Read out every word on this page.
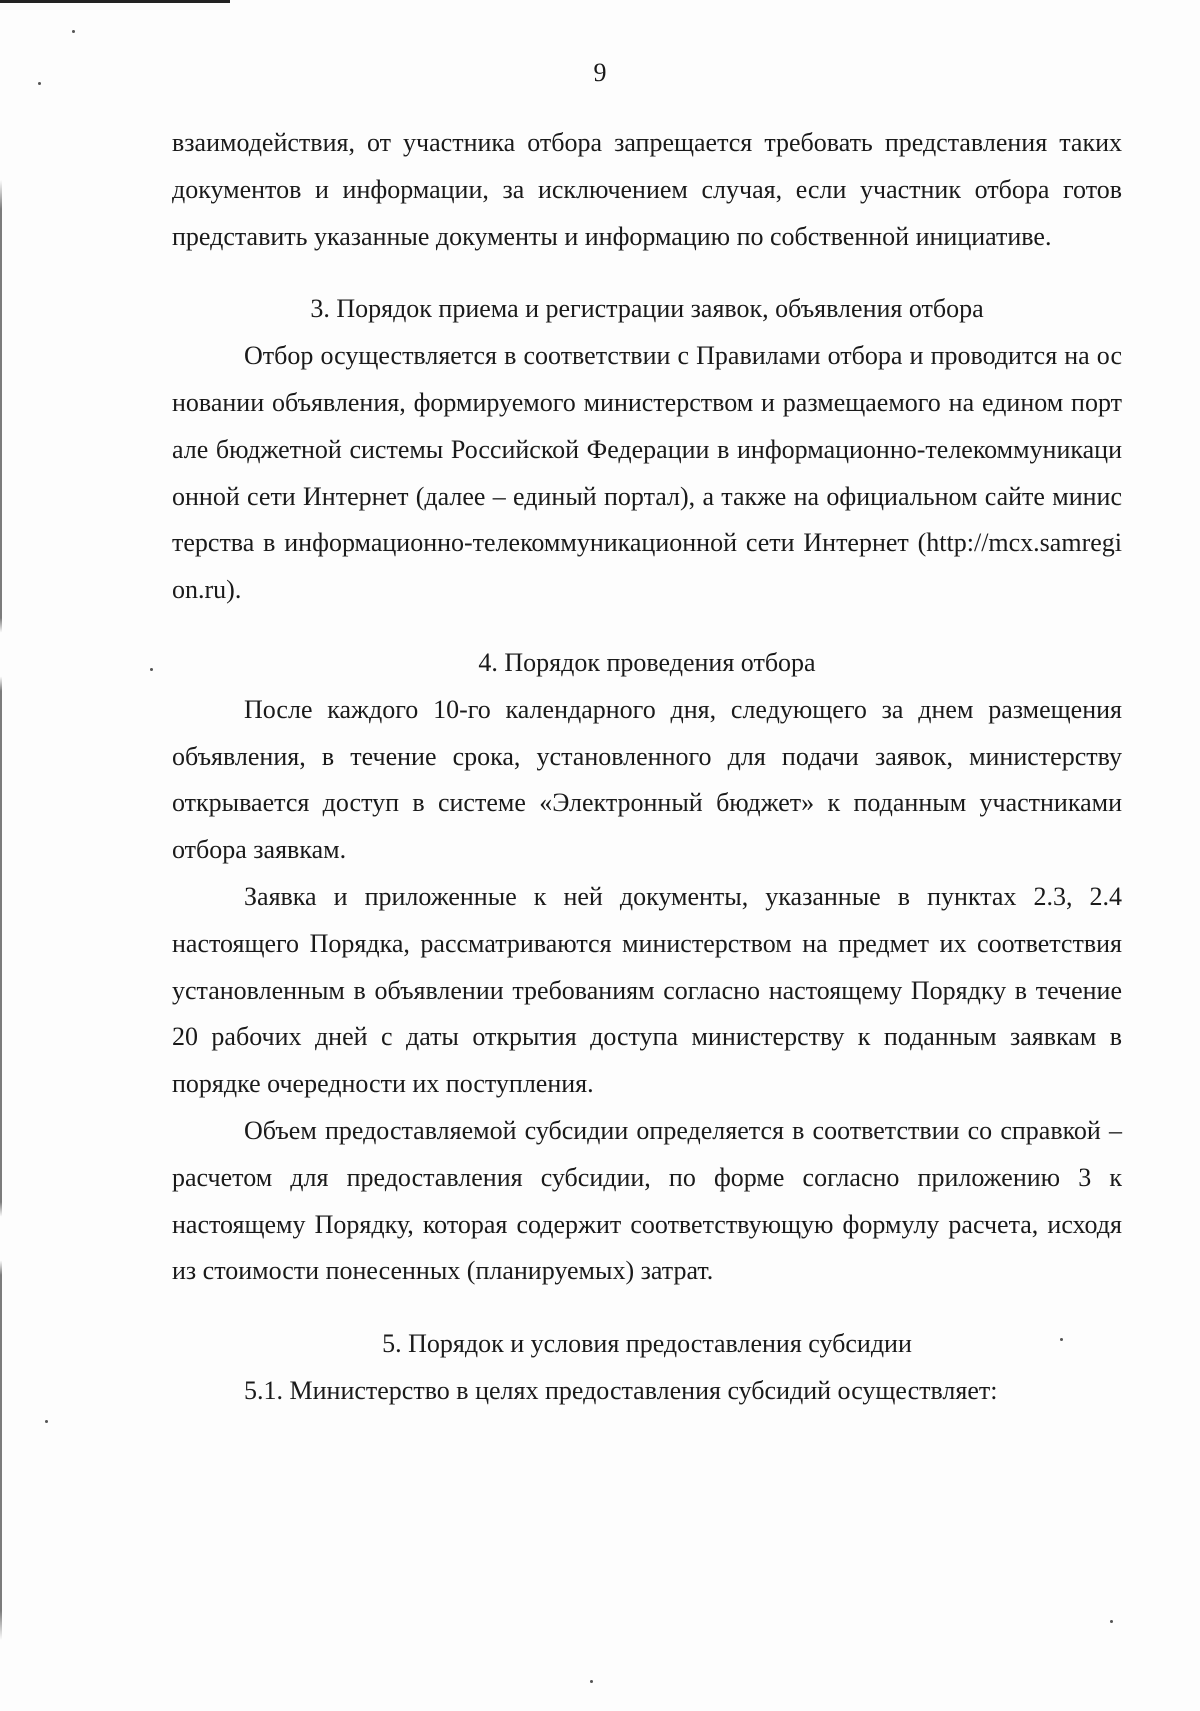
9

взаимодействия, от участника отбора запрещается требовать представления таких документов и информации, за исключением случая, если участник отбора готов представить указанные документы и информацию по собственной инициативе.

3. Порядок приема и регистрации заявок, объявления отбора

Отбор осуществляется в соответствии с Правилами отбора и проводится на основании объявления, формируемого министерством и размещаемого на едином портале бюджетной системы Российской Федерации в информационно-телекоммуникационной сети Интернет (далее – единый портал), а также на официальном сайте министерства в информационно-телекоммуникационной сети Интернет (http://mcx.samregion.ru).

4. Порядок проведения отбора

После каждого 10-го календарного дня, следующего за днем размещения объявления, в течение срока, установленного для подачи заявок, министерству открывается доступ в системе «Электронный бюджет» к поданным участниками отбора заявкам.

Заявка и приложенные к ней документы, указанные в пунктах 2.3, 2.4 настоящего Порядка, рассматриваются министерством на предмет их соответствия установленным в объявлении требованиям согласно настоящему Порядку в течение 20 рабочих дней с даты открытия доступа министерству к поданным заявкам в порядке очередности их поступления.

Объем предоставляемой субсидии определяется в соответствии со справкой – расчетом для предоставления субсидии, по форме согласно приложению 3 к настоящему Порядку, которая содержит соответствующую формулу расчета, исходя из стоимости понесенных (планируемых) затрат.

5. Порядок и условия предоставления субсидии

5.1. Министерство в целях предоставления субсидий осуществляет:
